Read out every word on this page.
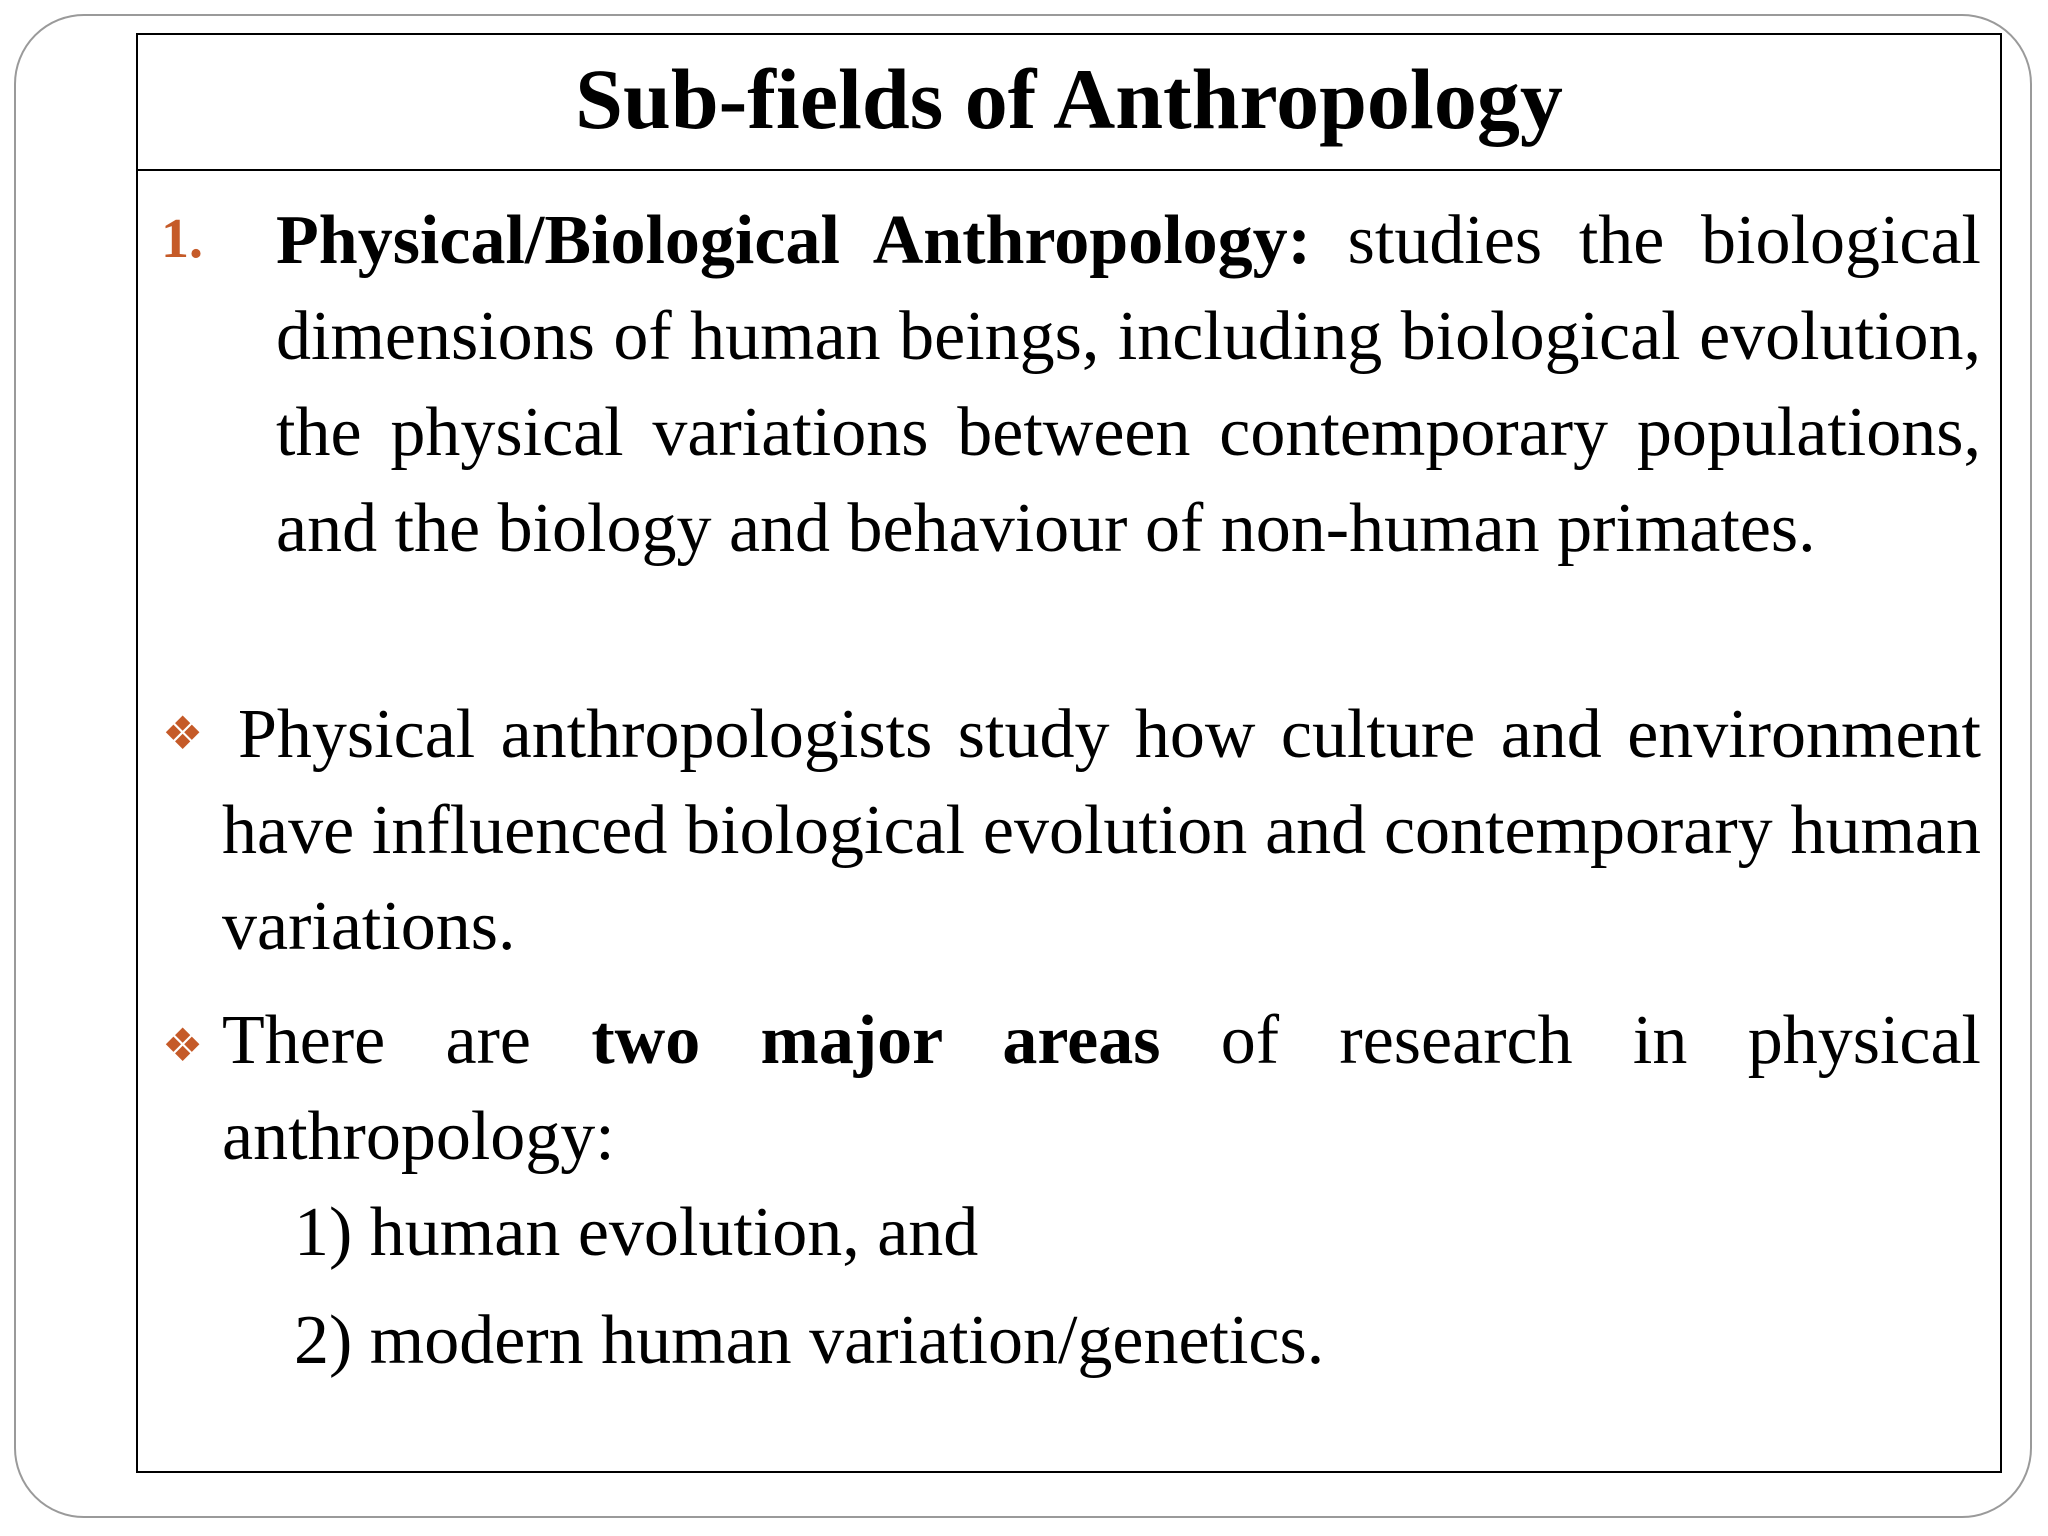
Sub-fields of Anthropology
1. Physical/Biological Anthropology: studies the biological dimensions of human beings, including biological evolution, the physical variations between contemporary populations, and the biology and behaviour of non-human primates.
❖ Physical anthropologists study how culture and environment have influenced biological evolution and contemporary human variations.
❖ There are two major areas of research in physical anthropology:
1) human evolution, and
2) modern human variation/genetics.
